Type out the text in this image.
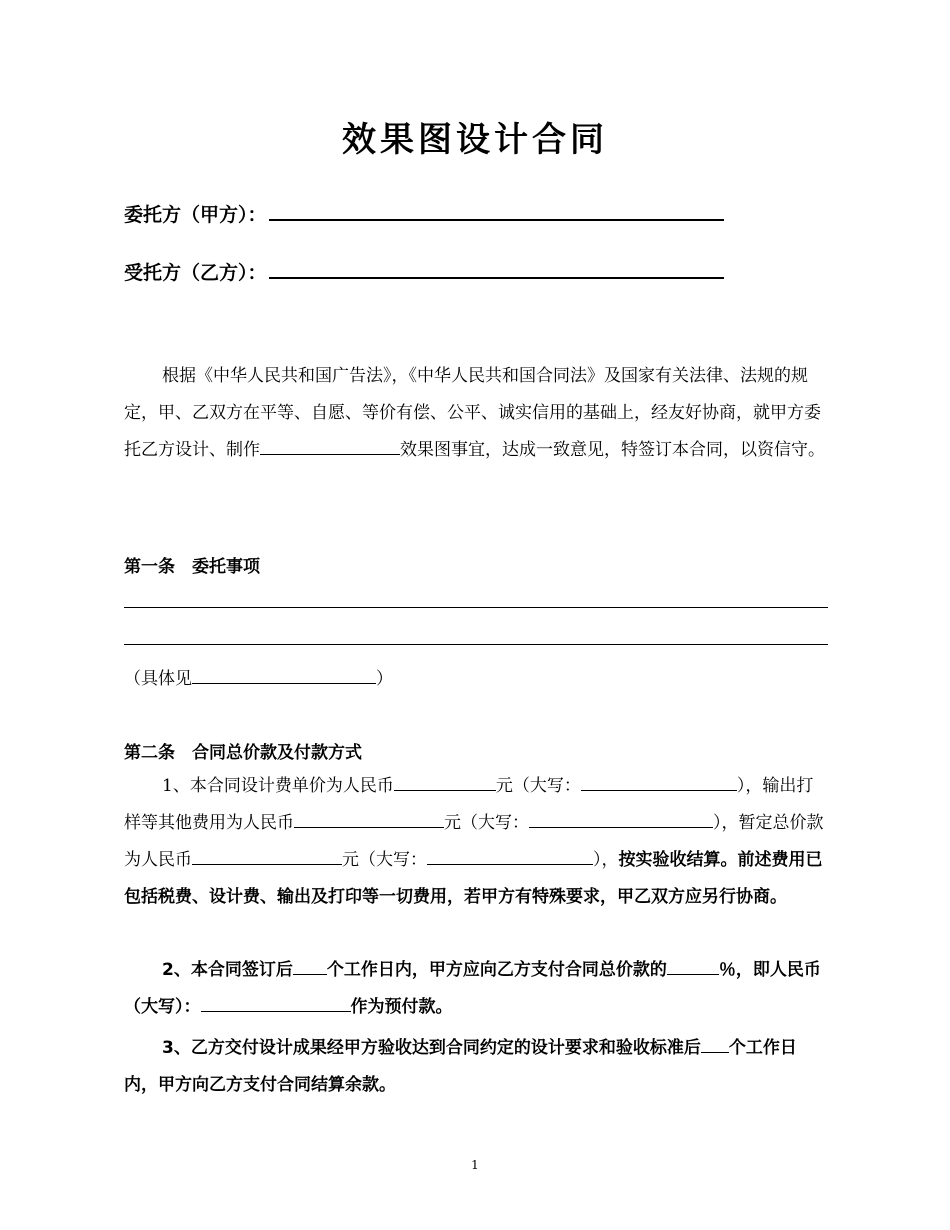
效果图设计合同
委托方（甲方）：
受托方（乙方）：
根据《中华人民共和国广告法》，《中华人民共和国合同法》及国家有关法律、法规的规定，甲、乙双方在平等、自愿、等价有偿、公平、诚实信用的基础上，经友好协商，就甲方委托乙方设计、制作	效果图事宜，达成一致意见，特签订本合同，以资信守。
第一条　委托事项
（具体见	）
第二条　合同总价款及付款方式
1、本合同设计费单价为人民币	元（大写：	），输出打样等其他费用为人民币	元（大写：	），暂定总价款为人民币	元（大写：	），按实验收结算。前述费用已包括税费、设计费、输出及打印等一切费用，若甲方有特殊要求，甲乙双方应另行协商。
2、本合同签订后 个工作日内，甲方应向乙方支付合同总价款的	％，即人民币（大写）：	作为预付款。
3、乙方交付设计成果经甲方验收达到合同约定的设计要求和验收标准后 个工作日内，甲方向乙方支付合同结算余款。
1
